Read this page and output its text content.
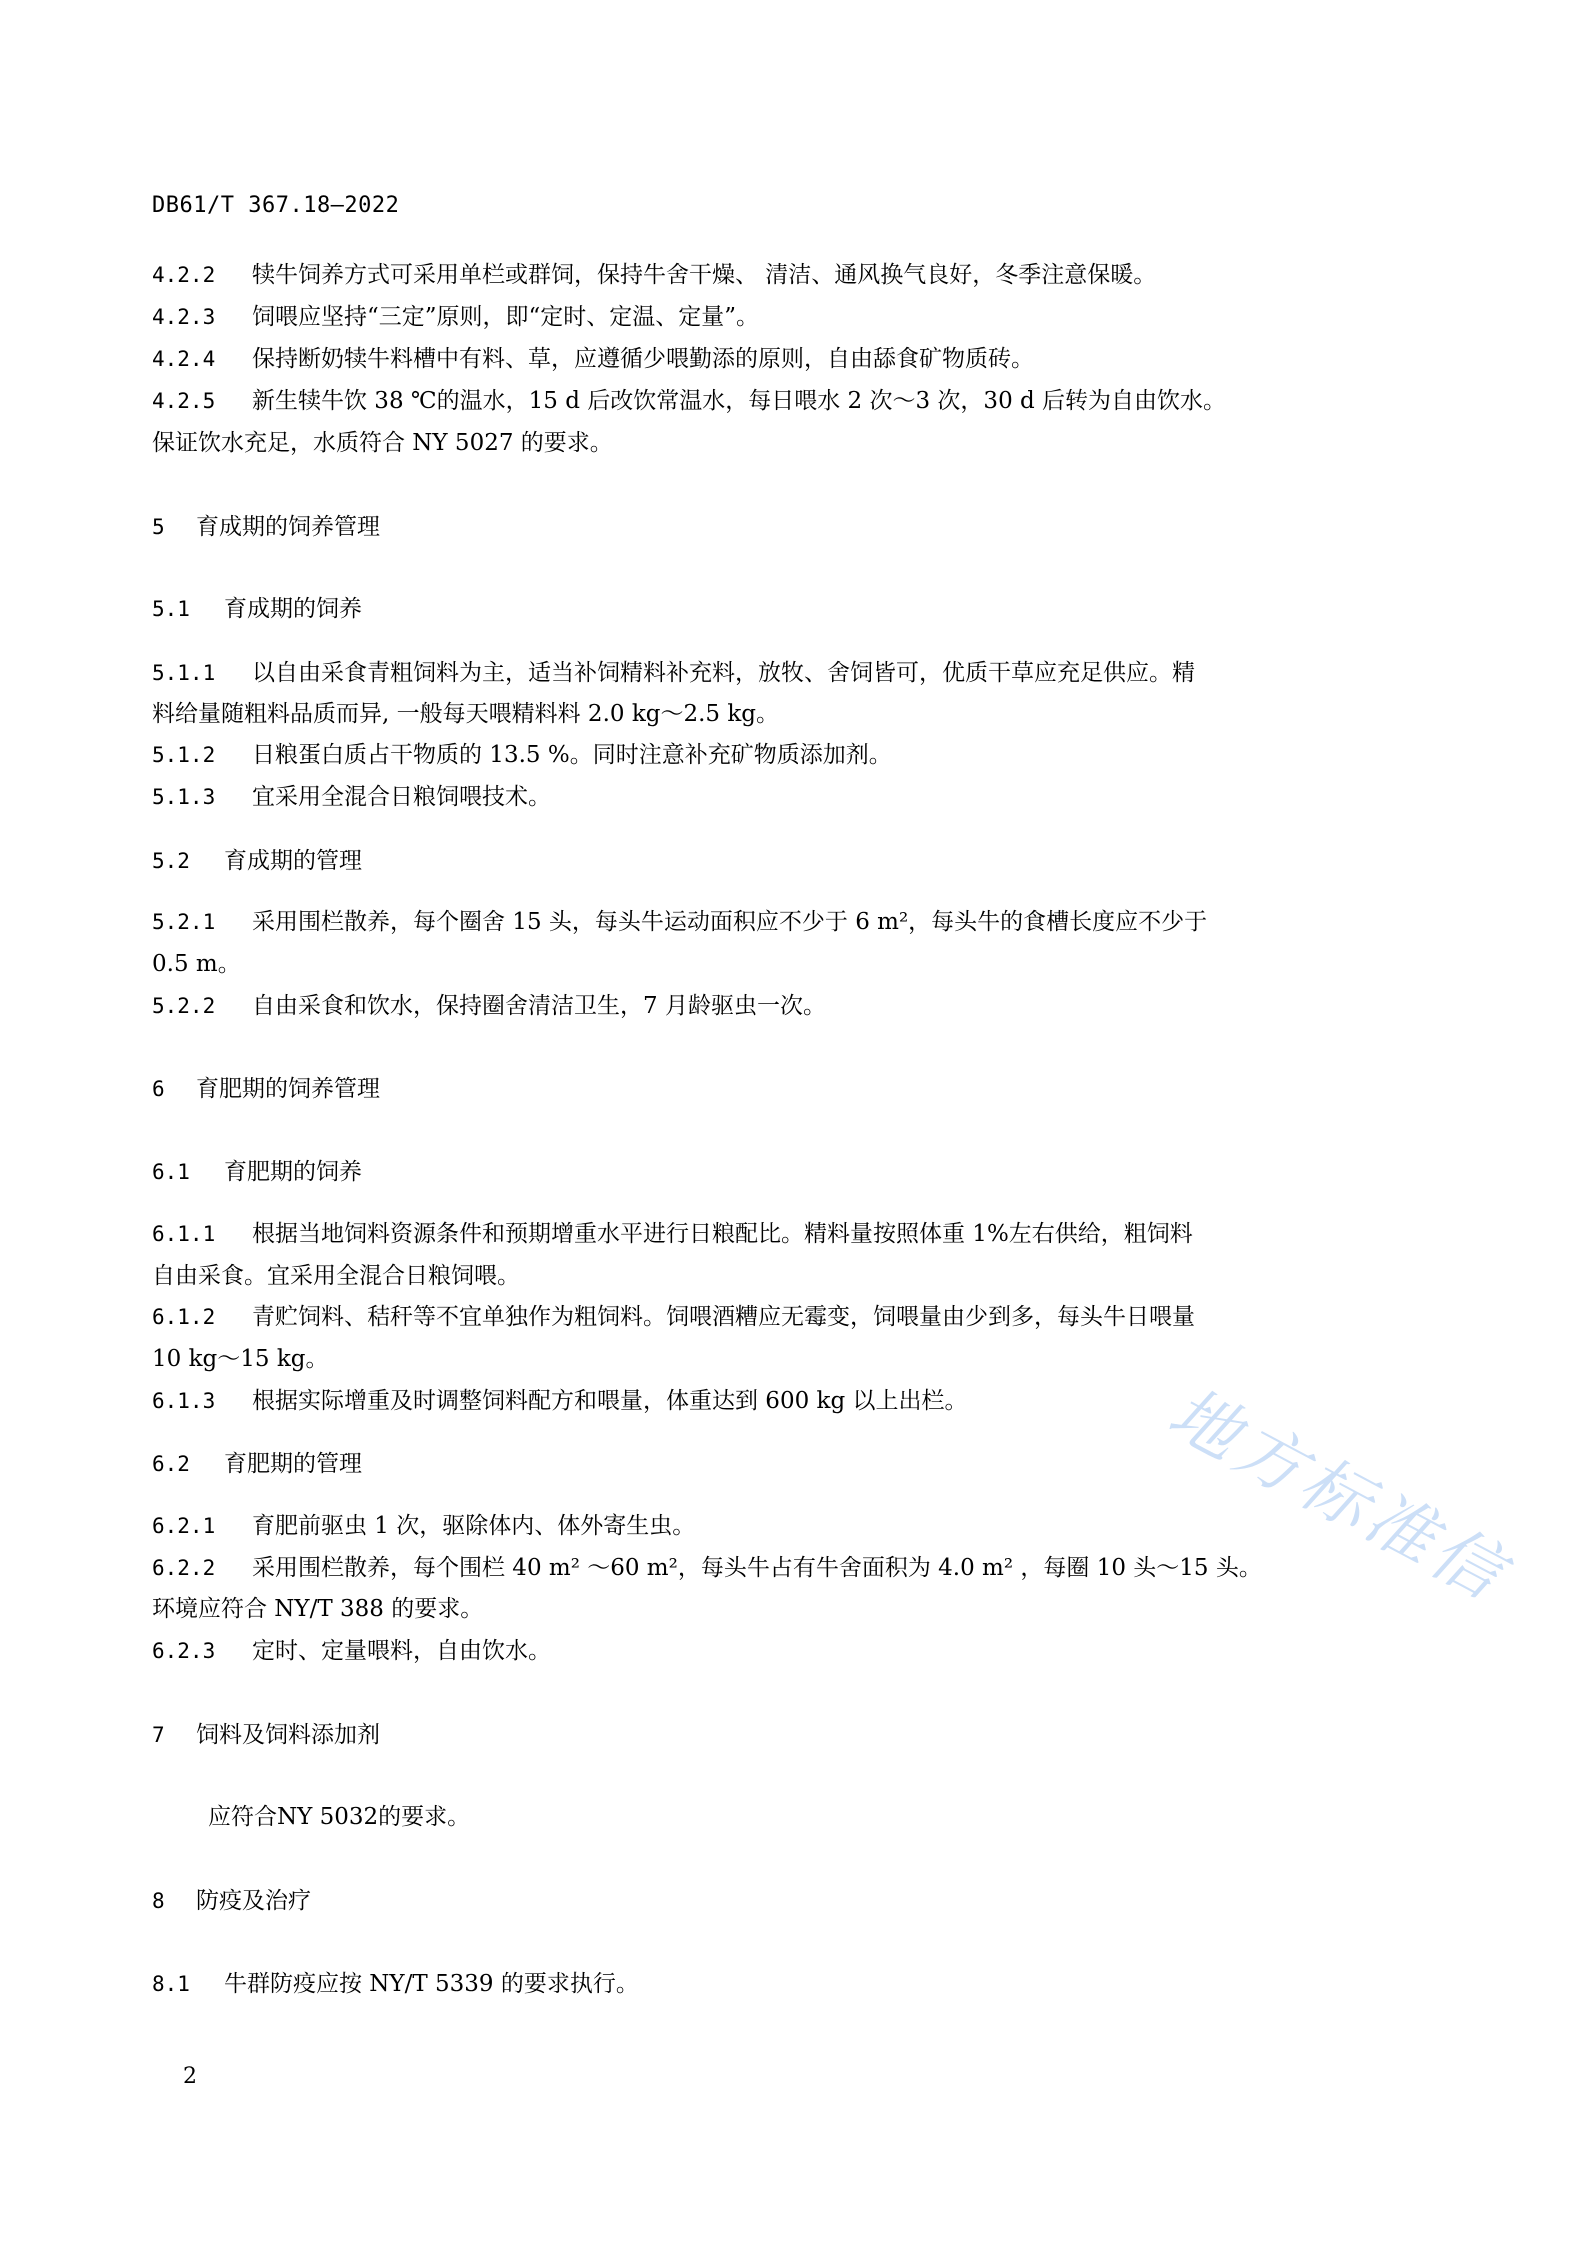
DB61/T 367.18—2022
4.2.2 犊牛饲养方式可采用单栏或群饲，保持牛舍干燥、 清洁、通风换气良好，冬季注意保暖。
4.2.3 饲喂应坚持“三定”原则，即“定时、定温、定量”。
4.2.4 保持断奶犊牛料槽中有料、草，应遵循少喂勤添的原则，自由舔食矿物质砖。
4.2.5 新生犊牛饮 38 ℃的温水，15 d 后改饮常温水，每日喂水 2 次～3 次，30 d 后转为自由饮水。
保证饮水充足，水质符合 NY 5027 的要求。
5 育成期的饲养管理
5.1 育成期的饲养
5.1.1 以自由采食青粗饲料为主，适当补饲精料补充料，放牧、舍饲皆可，优质干草应充足供应。精
料给量随粗料品质而异, 一般每天喂精料料 2.0 kg～2.5 kg。
5.1.2 日粮蛋白质占干物质的 13.5 %。同时注意补充矿物质添加剂。
5.1.3 宜采用全混合日粮饲喂技术。
5.2 育成期的管理
5.2.1 采用围栏散养，每个圈舍 15 头，每头牛运动面积应不少于 6 m²，每头牛的食槽长度应不少于
0.5 m。
5.2.2 自由采食和饮水，保持圈舍清洁卫生，7 月龄驱虫一次。
6 育肥期的饲养管理
6.1 育肥期的饲养
6.1.1 根据当地饲料资源条件和预期增重水平进行日粮配比。精料量按照体重 1%左右供给，粗饲料
自由采食。宜采用全混合日粮饲喂。
6.1.2 青贮饲料、秸秆等不宜单独作为粗饲料。饲喂酒糟应无霉变，饲喂量由少到多，每头牛日喂量
10 kg～15 kg。
6.1.3 根据实际增重及时调整饲料配方和喂量，体重达到 600 kg 以上出栏。
6.2 育肥期的管理
6.2.1 育肥前驱虫 1 次，驱除体内、体外寄生虫。
6.2.2 采用围栏散养，每个围栏 40 m² ～60 m²，每头牛占有牛舍面积为 4.0 m² ，每圈 10 头～15 头。
环境应符合 NY/T 388 的要求。
6.2.3 定时、定量喂料，自由饮水。
7 饲料及饲料添加剂
应符合NY 5032的要求。
8 防疫及治疗
8.1 牛群防疫应按 NY/T 5339 的要求执行。
2
地方标准信
